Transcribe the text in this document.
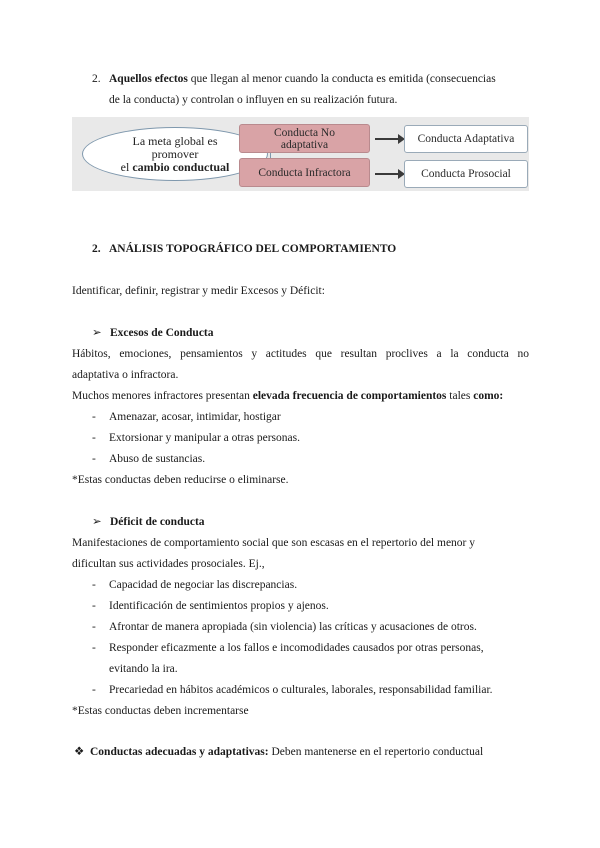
2. Aquellos efectos que llegan al menor cuando la conducta es emitida (consecuencias
de la conducta) y controlan o influyen en su realización futura.
La meta global es
promover
el cambio conductual
Conducta No
adaptativa
Conducta Infractora
Conducta Adaptativa
Conducta Prosocial
2. ANÁLISIS TOPOGRÁFICO DEL COMPORTAMIENTO
Identificar, definir, registrar y medir Excesos y Déficit:
➢ Excesos de Conducta
Hábitos, emociones, pensamientos y actitudes que resultan proclives a la conducta no
adaptativa o infractora.
Muchos menores infractores presentan elevada frecuencia de comportamientos tales como:
- Amenazar, acosar, intimidar, hostigar
- Extorsionar y manipular a otras personas.
- Abuso de sustancias.
*Estas conductas deben reducirse o eliminarse.
➢ Déficit de conducta
Manifestaciones de comportamiento social que son escasas en el repertorio del menor y
dificultan sus actividades prosociales. Ej.,
- Capacidad de negociar las discrepancias.
- Identificación de sentimientos propios y ajenos.
- Afrontar de manera apropiada (sin violencia) las críticas y acusaciones de otros.
- Responder eficazmente a los fallos e incomodidades causados por otras personas,
evitando la ira.
- Precariedad en hábitos académicos o culturales, laborales, responsabilidad familiar.
*Estas conductas deben incrementarse
❖ Conductas adecuadas y adaptativas: Deben mantenerse en el repertorio conductual
